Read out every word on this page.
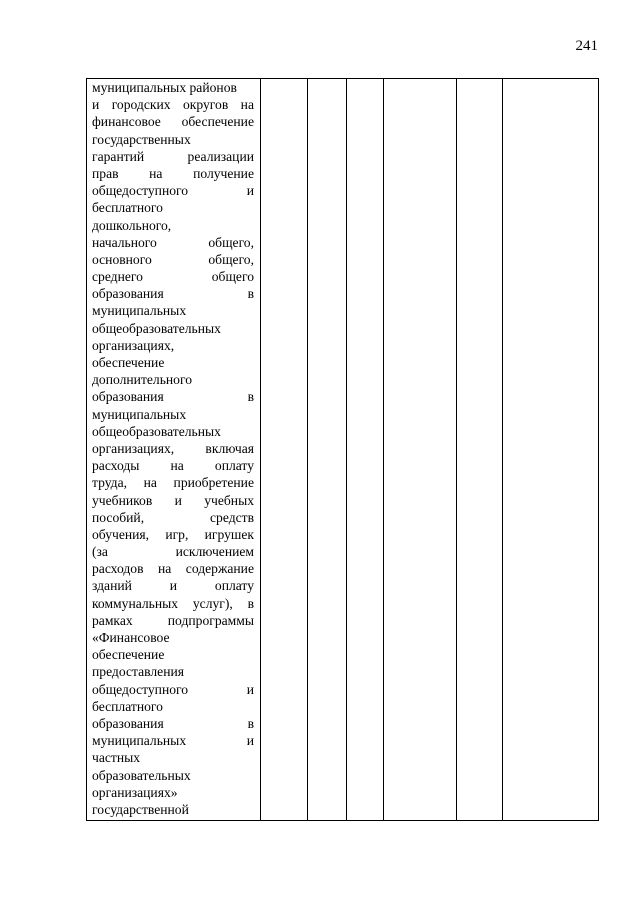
241
муниципальных районов
и городских округов на
финансовое обеспечение
государственных
гарантий реализации
прав на получение
общедоступного и
бесплатного
дошкольного,
начального общего,
основного общего,
среднего общего
образования в
муниципальных
общеобразовательных
организациях,
обеспечение
дополнительного
образования в
муниципальных
общеобразовательных
организациях, включая
расходы на оплату
труда, на приобретение
учебников и учебных
пособий, средств
обучения, игр, игрушек
(за исключением
расходов на содержание
зданий и оплату
коммунальных услуг), в
рамках подпрограммы
«Финансовое
обеспечение
предоставления
общедоступного и
бесплатного
образования в
муниципальных и
частных
образовательных
организациях»
государственной
